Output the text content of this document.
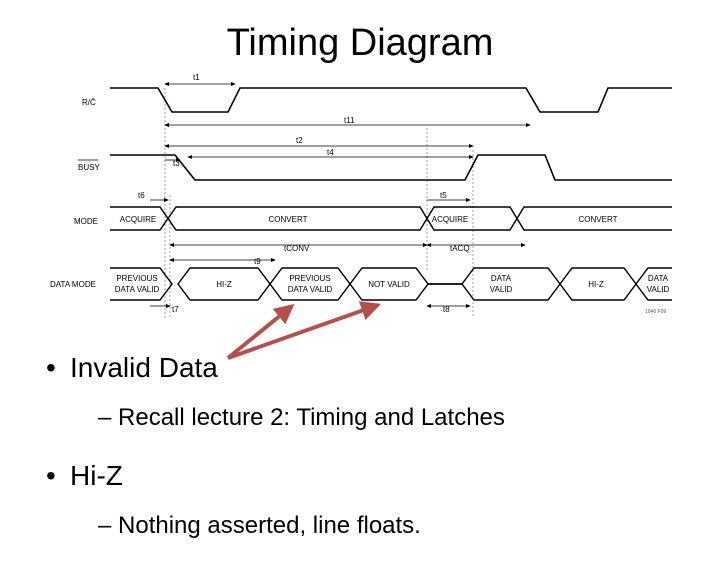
Timing Diagram
R/C̄
BUSY
MODE
DATA MODE
ACQUIRE	CONVERT	ACQUIRE	CONVERT
PREVIOUS
DATA VALID
HI-Z
PREVIOUS
DATA VALID
NOT VALID
DATA
VALID
HI-Z
DATA
VALID
t1
t11
t2
t3
t4
t6	t5
tCONV
t9
tACQ
t7	t8	1046 F09
• Invalid Data
– Recall lecture 2: Timing and Latches
• Hi-Z
– Nothing asserted, line floats.
